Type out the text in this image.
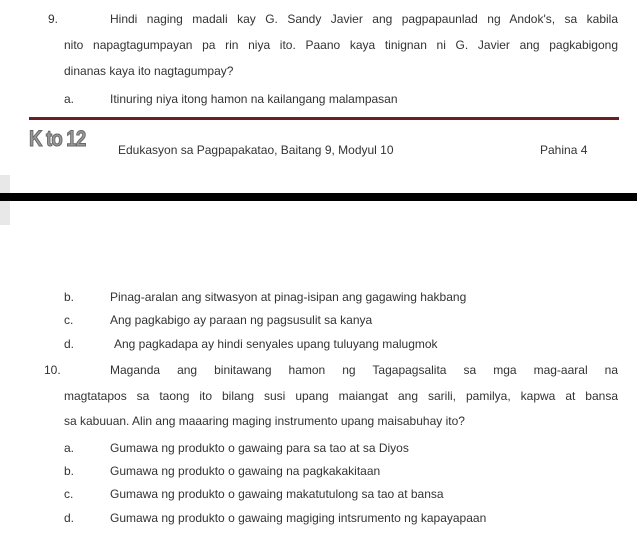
9.	Hindi naging madali kay G. Sandy Javier ang pagpapaunlad ng Andok's, sa kabila
nito napagtagumpayan pa rin niya ito. Paano kaya tinignan ni G. Javier ang pagkabigong
dinanas kaya ito nagtagumpay?
a.	Itinuring niya itong hamon na kailangang malampasan
K to 12	Edukasyon sa Pagpapakatao, Baitang 9, Modyul 10	Pahina 4
b.	Pinag-aralan ang sitwasyon at pinag-isipan ang gagawing hakbang
c.	Ang pagkabigo ay paraan ng pagsusulit sa kanya
d.	Ang pagkadapa ay hindi senyales upang tuluyang malugmok
10.	Maganda ang binitawang hamon ng Tagapagsalita sa mga mag-aaral na
magtatapos sa taong ito bilang susi upang maiangat ang sarili, pamilya, kapwa at bansa
sa kabuuan. Alin ang maaaring maging instrumento upang maisabuhay ito?
a.	Gumawa ng produkto o gawaing para sa tao at sa Diyos
b.	Gumawa ng produkto o gawaing na pagkakakitaan
c.	Gumawa ng produkto o gawaing makatutulong sa tao at bansa
d.	Gumawa ng produkto o gawaing magiging intsrumento ng kapayapaan
